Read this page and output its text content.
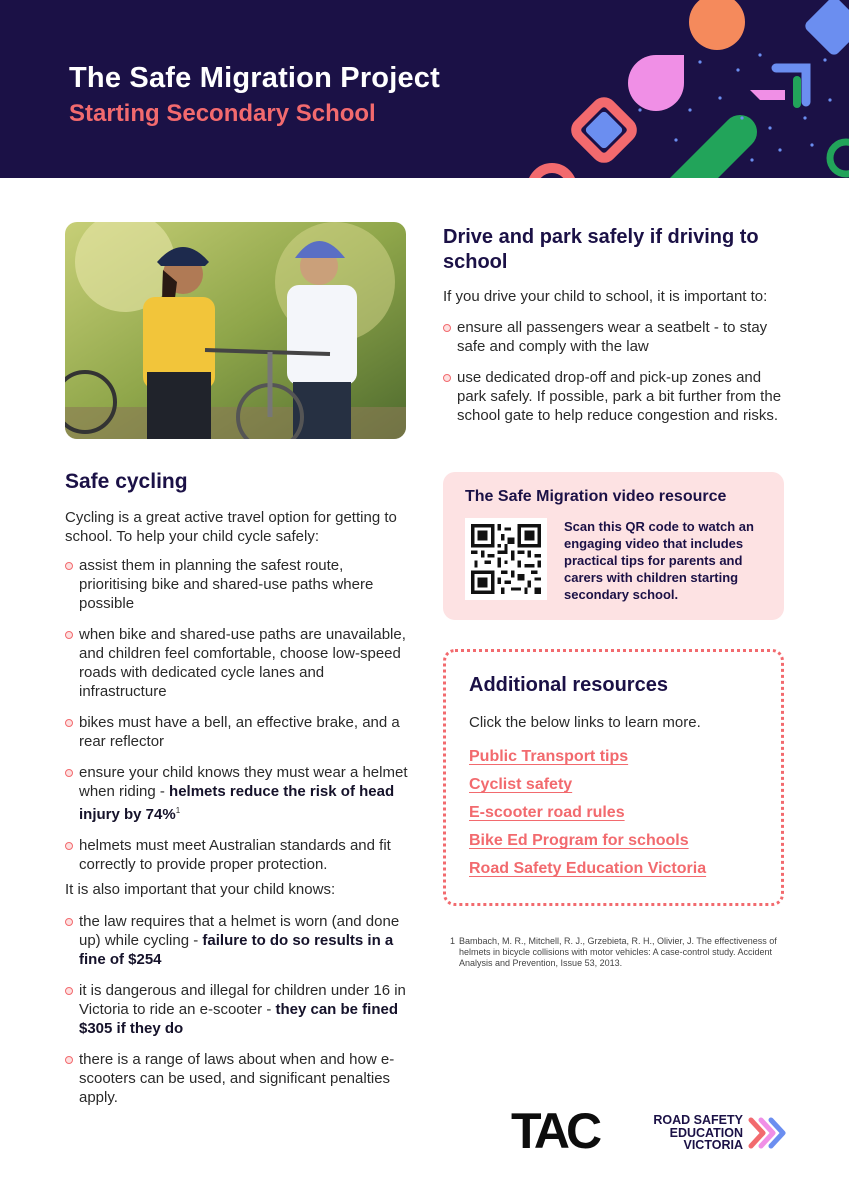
The Safe Migration Project
Starting Secondary School
Drive and park safely if driving to school
If you drive your child to school, it is important to:
ensure all passengers wear a seatbelt - to stay safe and comply with the law
use dedicated drop-off and pick-up zones and park safely. If possible, park a bit further from the school gate to help reduce congestion and risks.
Safe cycling
Cycling is a great active travel option for getting to school. To help your child cycle safely:
assist them in planning the safest route, prioritising bike and shared-use paths where possible
when bike and shared-use paths are unavailable, and children feel comfortable, choose low-speed roads with dedicated cycle lanes and infrastructure
bikes must have a bell, an effective brake, and a rear reflector
ensure your child knows they must wear a helmet when riding - helmets reduce the risk of head injury by 74%$^1$
helmets must meet Australian standards and fit correctly to provide proper protection.
It is also important that your child knows:
the law requires that a helmet is worn (and done up) while cycling - failure to do so results in a fine of $254
it is dangerous and illegal for children under 16 in Victoria to ride an e-scooter - they can be fined $305 if they do
there is a range of laws about when and how e-scooters can be used, and significant penalties apply.
The Safe Migration video resource
Scan this QR code to watch an engaging video that includes practical tips for parents and carers with children starting secondary school.
Additional resources
Click the below links to learn more.
Public Transport tips
Cyclist safety
E-scooter road rules
Bike Ed Program for schools
Road Safety Education Victoria
1 Bambach, M. R., Mitchell, R. J., Grzebieta, R. H., Olivier, J. The effectiveness of helmets in bicycle collisions with motor vehicles: A case-control study. Accident Analysis and Prevention, Issue 53, 2013.
TAC	ROAD SAFETY
EDUCATION
VICTORIA
